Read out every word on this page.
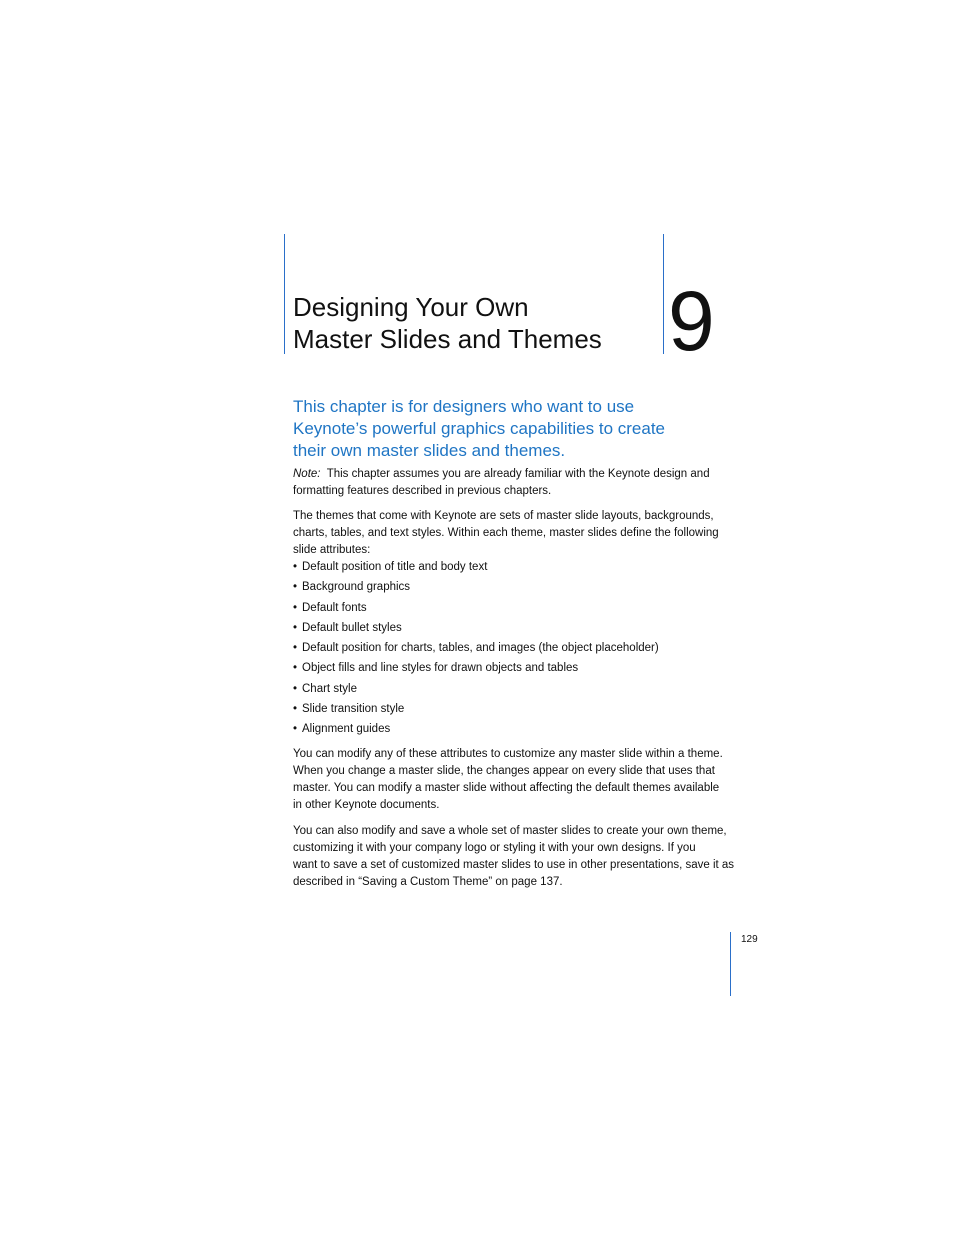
Designing Your Own
Master Slides and Themes 9

This chapter is for designers who want to use
Keynote’s powerful graphics capabilities to create
their own master slides and themes.

Note: This chapter assumes you are already familiar with the Keynote design and
formatting features described in previous chapters.

The themes that come with Keynote are sets of master slide layouts, backgrounds,
charts, tables, and text styles. Within each theme, master slides define the following
slide attributes:

• Default position of title and body text
• Background graphics
• Default fonts
• Default bullet styles
• Default position for charts, tables, and images (the object placeholder)
• Object fills and line styles for drawn objects and tables
• Chart style
• Slide transition style
• Alignment guides

You can modify any of these attributes to customize any master slide within a theme.
When you change a master slide, the changes appear on every slide that uses that
master. You can modify a master slide without affecting the default themes available
in other Keynote documents.

You can also modify and save a whole set of master slides to create your own theme,
customizing it with your company logo or styling it with your own designs. If you
want to save a set of customized master slides to use in other presentations, save it as
described in “Saving a Custom Theme” on page 137.

129
